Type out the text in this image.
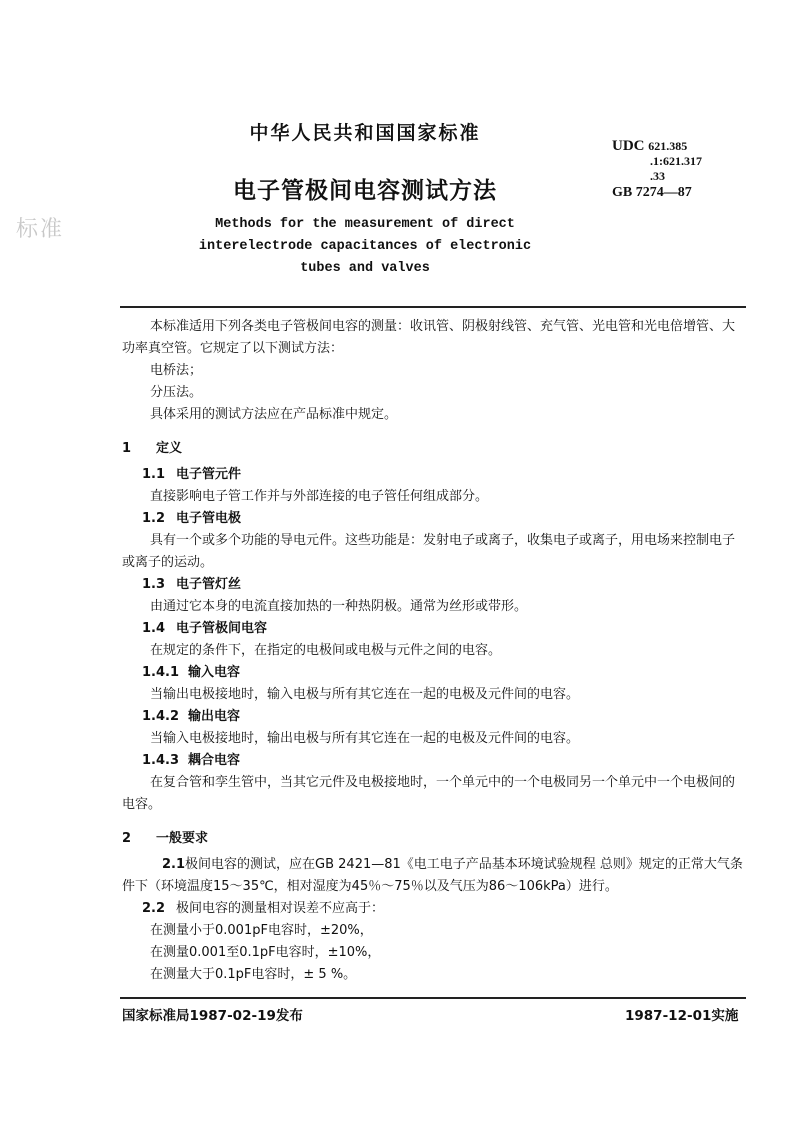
中华人民共和国国家标准
电子管极间电容测试方法
UDC 621.385
.1:621.317
.33
GB 7274—87
标准	Methods for the measurement of direct
interelectrode capacitances of electronic
tubes and valves

本标准适用下列各类电子管极间电容的测量：收讯管、阴极射线管、充气管、光电管和光电倍增管、大功率真空管。它规定了以下测试方法：

电桥法；

分压法。

具体采用的测试方法应在产品标准中规定。

1 定义

1.1 电子管元件

直接影响电子管工作并与外部连接的电子管任何组成部分。

1.2 电子管电极

具有一个或多个功能的导电元件。这些功能是：发射电子或离子，收集电子或离子，用电场来控制电子或离子的运动。

1.3 电子管灯丝

由通过它本身的电流直接加热的一种热阴极。通常为丝形或带形。

1.4 电子管极间电容

在规定的条件下，在指定的电极间或电极与元件之间的电容。

1.4.1 输入电容

当输出电极接地时，输入电极与所有其它连在一起的电极及元件间的电容。

1.4.2 输出电容

当输入电极接地时，输出电极与所有其它连在一起的电极及元件间的电容。

1.4.3 耦合电容

在复合管和孪生管中，当其它元件及电极接地时，一个单元中的一个电极同另一个单元中一个电极间的电容。

2 一般要求

2.1极间电容的测试，应在GB 2421—81《电工电子产品基本环境试验规程 总则》规定的正常大气条件下（环境温度15～35℃，相对湿度为45％～75％以及气压为86～106kPa）进行。

2.2 极间电容的测量相对误差不应高于：

在测量小于0.001pF电容时，±20%，

在测量0.001至0.1pF电容时，±10%，

在测量大于0.1pF电容时，± 5 %。

国家标准局1987-02-19发布	1987-12-01实施
